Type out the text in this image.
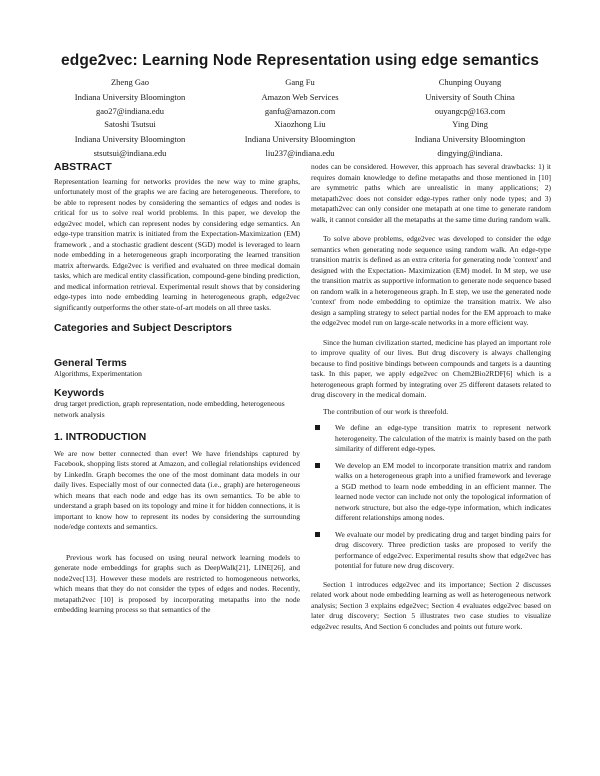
edge2vec: Learning Node Representation using edge semantics
Zheng Gao
Indiana University Bloomington
gao27@indiana.edu
Gang Fu
Amazon Web Services
ganfu@amazon.com
Chunping Ouyang
University of South China
ouyangcp@163.com
Satoshi Tsutsui
Indiana University Bloomington
stsutsui@indiana.edu
Xiaozhong Liu
Indiana University Bloomington
liu237@indiana.edu
Ying Ding
Indiana University Bloomington
dingying@indiana.
ABSTRACT

Representation learning for networks provides the new way to mine graphs, unfortunately most of the graphs we are facing are heterogeneous. Therefore, to be able to represent nodes by considering the semantics of edges and nodes is critical for us to solve real world problems. In this paper, we develop the edge2vec model, which can represent nodes by considering edge semantics. An edge-type transition matrix is initiated from the Expectation-Maximization (EM) framework , and a stochastic gradient descent (SGD) model is leveraged to learn node embedding in a heterogeneous graph incorporating the learned transition matrix afterwards. Edge2vec is verified and evaluated on three medical domain tasks, which are medical entity classification, compound-gene binding prediction, and medical information retrieval. Experimental result shows that by considering edge-types into node embedding learning in heterogeneous graph, edge2vec significantly outperforms the other state-of-art models on all three tasks.

Categories and Subject Descriptors
General Terms

Algorithms, Experimentation

Keywords

drug target prediction, graph representation, node embedding, heterogeneous network analysis

1. INTRODUCTION

We are now better connected than ever! We have friendships captured by Facebook, shopping lists stored at Amazon, and collegial relationships evidenced by LinkedIn. Graph becomes the one of the most dominant data models in our daily lives. Especially most of our connected data (i.e., graph) are heterogeneous which means that each node and edge has its own semantics. To be able to understand a graph based on its topology and mine it for hidden connections, it is important to know how to represent its nodes by considering the surrounding node/edge contexts and semantics.

Previous work has focused on using neural network learning models to generate node embeddings for graphs such as DeepWalk[21], LINE[26], and node2vec[13]. However these models are restricted to homogeneous networks, which means that they do not consider the types of edges and nodes. Recently, metapath2vec [10] is proposed by incorporating metapaths into the node embedding learning process so that semantics of the

nodes can be considered. However, this approach has several drawbacks: 1) it requires domain knowledge to define metapaths and those mentioned in [10] are symmetric paths which are unrealistic in many applications; 2) metapath2vec does not consider edge-types rather only node types; and 3) metapath2vec can only consider one metapath at one time to generate random walk, it cannot consider all the metapaths at the same time during random walk.

To solve above problems, edge2vec was developed to consider the edge semantics when generating node sequence using random walk. An edge-type transition matrix is defined as an extra criteria for generating node 'context' and designed with the Expectation- Maximization (EM) model. In M step, we use the transition matrix as supportive information to generate node sequence based on random walk in a heterogeneous graph. In E step, we use the generated node 'context' from node embedding to optimize the transition matrix. We also design a sampling strategy to select partial nodes for the EM approach to make the edge2vec model run on large-scale networks in a more efficient way.

Since the human civilization started, medicine has played an important role to improve quality of our lives. But drug discovery is always challenging because to find positive bindings between compounds and targets is a daunting task. In this paper, we apply edge2vec on Chem2Bio2RDF[6] which is a heterogeneous graph formed by integrating over 25 different datasets related to drug discovery in the medical domain.

The contribution of our work is threefold.

We define an edge-type transition matrix to represent network heterogeneity. The calculation of the matrix is mainly based on the path similarity of different edge-types.
We develop an EM model to incorporate transition matrix and random walks on a heterogeneous graph into a unified framework and leverage a SGD method to learn node embedding in an efficient manner. The learned node vector can include not only the topological information of network structure, but also the edge-type information, which indicates different relationships among nodes.
We evaluate our model by predicating drug and target binding pairs for drug discovery. Three prediction tasks are proposed to verify the performance of edge2vec. Experimental results show that edge2vec has potential for future new drug discovery.

Section 1 introduces edge2vec and its importance; Section 2 discusses related work about node embedding learning as well as heterogeneous network analysis; Section 3 explains edge2vec; Section 4 evaluates edge2vec based on later drug discovery; Section 5 illustrates two case studies to visualize edge2vec results, And Section 6 concludes and points out future work.
